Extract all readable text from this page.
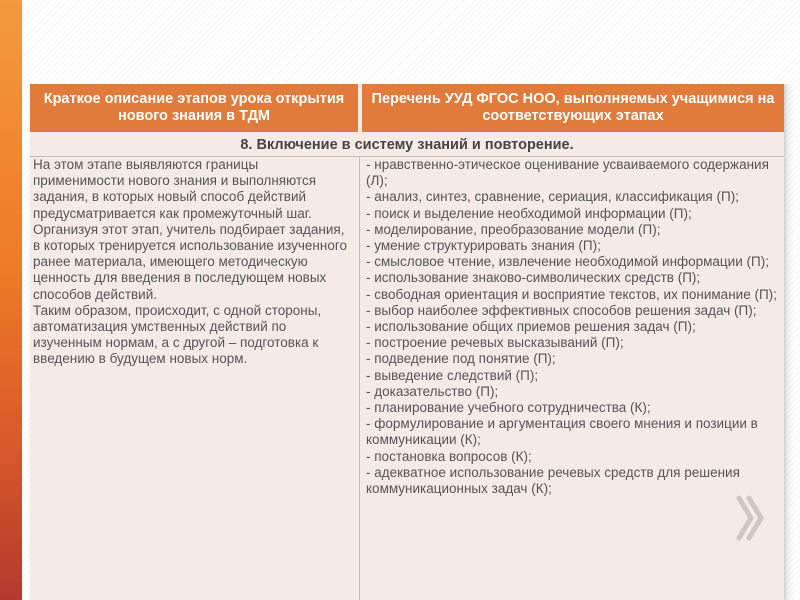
Краткое описание этапов урока открытия нового знания в ТДМ
Перечень УУД ФГОС НОО, выполняемых учащимися на соответствующих этапах
8. Включение в систему знаний и повторение.

На этом этапе выявляются границы применимости нового знания и выполняются задания, в которых новый способ действий предусматривается как промежуточный шаг.

Организуя этот этап, учитель подбирает задания, в которых тренируется использование изученного ранее материала, имеющего методическую ценность для введения в последующем новых способов действий.

Таким образом, происходит, с одной стороны, автоматизация умственных действий по изученным нормам, а с другой – подготовка к введению в будущем новых норм.

- нравственно-этическое оценивание усваиваемого содержания (Л);
- анализ, синтез, сравнение, сериация, классификация (П);
- поиск и выделение необходимой информации (П);
- моделирование, преобразование модели (П);
- умение структурировать знания (П);
- смысловое чтение, извлечение необходимой информации (П);
- использование знаково-символических средств (П);
- свободная ориентация и восприятие текстов, их понимание (П);
- выбор наиболее эффективных способов решения задач (П);
- использование общих приемов решения задач (П);
- построение речевых высказываний (П);
- подведение под понятие (П);
- выведение следствий (П);
- доказательство (П);
- планирование учебного сотрудничества (К);
- формулирование и аргументация своего мнения и позиции в коммуникации (К);
- постановка вопросов (К);
- адекватное использование речевых средств для решения коммуникационных задач (К);
